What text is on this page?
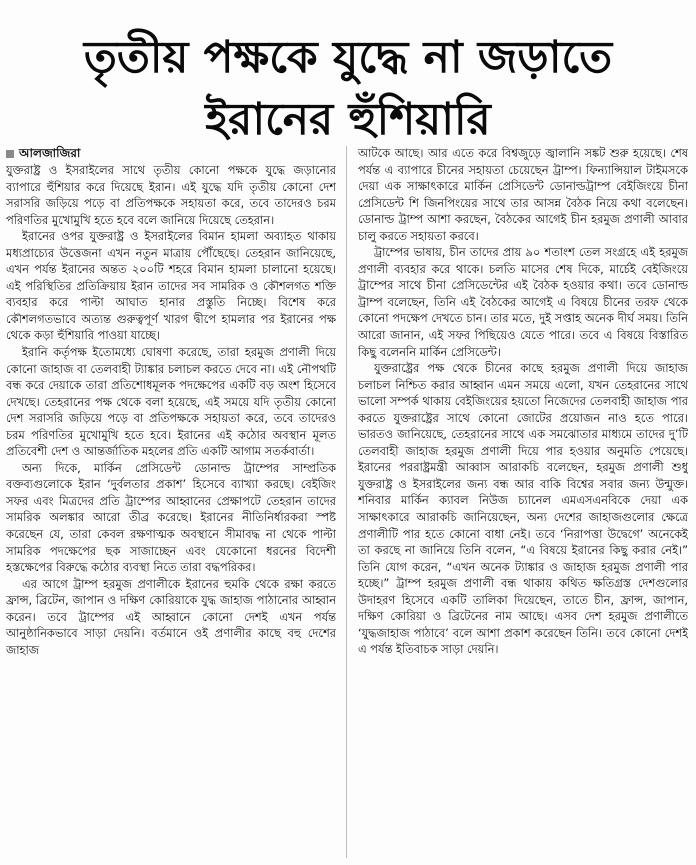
তৃতীয় পক্ষকে যুদ্ধে না জড়াতে
ইরানের হুঁশিয়ারি
আলজাজিরা

যুক্তরাষ্ট্র ও ইসরাইলের সাথে তৃতীয় কোনো পক্ষকে যুদ্ধে জড়ানোর ব্যাপারে হুঁশিয়ার করে দিয়েছে ইরান। এই যুদ্ধে যদি তৃতীয় কোনো দেশ সরাসরি জড়িয়ে পড়ে বা প্রতিপক্ষকে সহায়তা করে, তবে তাদেরও চরম পরিণতির মুখোমুখি হতে হবে বলে জানিয়ে দিয়েছে তেহরান।

ইরানের ওপর যুক্তরাষ্ট্র ও ইসরাইলের বিমান হামলা অব্যাহত থাকায় মধ্যপ্রাচ্যের উত্তেজনা এখন নতুন মাত্রায় পৌঁছেছে। তেহরান জানিয়েছে, এখন পর্যন্ত ইরানের অন্তত ২০০টি শহরে বিমান হামলা চালানো হয়েছে। এই পরিস্থিতির প্রতিক্রিয়ায় ইরান তাদের সব সামরিক ও কৌশলগত শক্তি ব্যবহার করে পাল্টা আঘাত হানার প্রস্তুতি নিচ্ছে। বিশেষ করে কৌশলগতভাবে অত্যন্ত গুরুত্বপূর্ণ খারগ দ্বীপে হামলার পর ইরানের পক্ষ থেকে কড়া হুঁশিয়ারি পাওয়া যাচ্ছে।

ইরানি কর্তৃপক্ষ ইতোমধ্যে ঘোষণা করেছে, তারা হরমুজ প্রণালী দিয়ে কোনো জাহাজ বা তেলবাহী ট্যাঙ্কার চলাচল করতে দেবে না। এই নৌপথটি বন্ধ করে দেয়াকে তারা প্রতিশোধমূলক পদক্ষেপের একটি বড় অংশ হিসেবে দেখছে। তেহরানের পক্ষ থেকে বলা হয়েছে, এই সময়ে যদি তৃতীয় কোনো দেশ সরাসরি জড়িয়ে পড়ে বা প্রতিপক্ষকে সহায়তা করে, তবে তাদেরও চরম পরিণতির মুখোমুখি হতে হবে। ইরানের এই কঠোর অবস্থান মূলত প্রতিবেশী দেশ ও আন্তর্জাতিক মহলের প্রতি একটি আগাম সতর্কবার্তা।

অন্য দিকে, মার্কিন প্রেসিডেন্ট ডোনাল্ড ট্রাম্পের সাম্প্রতিক বক্তব্যগুলোকে ইরান ‘দুর্বলতার প্রকাশ’ হিসেবে ব্যাখ্যা করছে। বেইজিং সফর এবং মিত্রদের প্রতি ট্রাম্পের আহ্বানের প্রেক্ষাপটে তেহরান তাদের সামরিক অলঙ্কার আরো তীব্র করেছে। ইরানের নীতিনির্ধারকরা স্পষ্ট করেছেন যে, তারা কেবল রক্ষণাত্মক অবস্থানে সীমাবদ্ধ না থেকে পাল্টা সামরিক পদক্ষেপের ছক সাজাচ্ছেন এবং যেকোনো ধরনের বিদেশী হস্তক্ষেপের বিরুদ্ধে কঠোর ব্যবস্থা নিতে তারা বদ্ধপরিকর।

এর আগে ট্রাম্প হরমুজ প্রণালীকে ইরানের হুমকি থেকে রক্ষা করতে ফ্রান্স, ব্রিটেন, জাপান ও দক্ষিণ কোরিয়াকে যুদ্ধ জাহাজ পাঠানোর আহ্বান করেন। তবে ট্রাম্পের এই আহ্বানে কোনো দেশই এখন পর্যন্ত আনুষ্ঠানিকভাবে সাড়া দেয়নি। বর্তমানে ওই প্রণালীর কাছে বহু দেশের জাহাজ

আটকে আছে। আর এতে করে বিশ্বজুড়ে জ্বালানি সঙ্কট শুরু হয়েছে। শেষ পর্যন্ত এ ব্যাপারে চীনের সহায়তা চেয়েছেন ট্রাম্প। ফিন্যান্সিয়াল টাইমসকে দেয়া এক সাক্ষাৎকারে মার্কিন প্রেসিডেন্ট ডোনাল্ডট্রাম্প বেইজিংয়ে চীনা প্রেসিডেন্ট শি জিনপিংয়ের সাথে তার আসন্ন বৈঠক নিয়ে কথা বলেছেন। ডোনাল্ড ট্রাম্প আশা করছেন, বৈঠকের আগেই চীন হরমুজ প্রণালী আবার চালু করতে সহায়তা করবে।

ট্রাম্পের ভাষায়, চীন তাদের প্রায় ৯০ শতাংশ তেল সংগ্রহে এই হরমুজ প্রণালী ব্যবহার করে থাকে। চলতি মাসের শেষ দিকে, মার্চেই বেইজিংয়ে ট্রাম্পের সাথে চীনা প্রেসিডেন্টের এই বৈঠক হওয়ার কথা। তবে ডোনাল্ড ট্রাম্প বলেছেন, তিনি এই বৈঠকের আগেই এ বিষয়ে চীনের তরফ থেকে কোনো পদক্ষেপ দেখতে চান। তার মতে, দুই সপ্তাহ অনেক দীর্ঘ সময়। তিনি আরো জানান, এই সফর পিছিয়েও যেতে পারে। তবে এ বিষয়ে বিস্তারিত কিছু বলেননি মার্কিন প্রেসিডেন্ট।

যুক্তরাষ্ট্রের পক্ষ থেকে চীনের কাছে হরমুজ প্রণালী দিয়ে জাহাজ চলাচল নিশ্চিত করার আহ্বান এমন সময়ে এলো, যখন তেহরানের সাথে ভালো সম্পর্ক থাকায় বেইজিংয়ের হয়তো নিজেদের তেলবাহী জাহাজ পার করতে যুক্তরাষ্ট্রের সাথে কোনো জোটের প্রয়োজন নাও হতে পারে। ভারতও জানিয়েছে, তেহরানের সাথে এক সমঝোতার মাধ্যমে তাদের দু’টি তেলবাহী জাহাজ হরমুজ প্রণালী দিয়ে পার হওয়ার অনুমতি পেয়েছে। ইরানের পররাষ্ট্রমন্ত্রী আব্বাস আরাকচি বলেছেন, হরমুজ প্রণালী শুধু যুক্তরাষ্ট্র ও ইসরাইলের জন্য বন্ধ আর বাকি বিশ্বের সবার জন্য উন্মুক্ত। শনিবার মার্কিন ক্যাবল নিউজ চ্যানেল এমএসএনবিকে দেয়া এক সাক্ষাৎকারে আরাকচি জানিয়েছেন, অন্য দেশের জাহাজগুলোর ক্ষেত্রে প্রণালীটি পার হতে কোনো বাধা নেই। তবে ‘নিরাপত্তা উদ্বেগে’ অনেকেই তা করছে না জানিয়ে তিনি বলেন, “এ বিষয়ে ইরানের কিছু করার নেই।” তিনি যোগ করেন, “এখন অনেক ট্যাঙ্কার ও জাহাজ হরমুজ প্রণালী পার হচ্ছে।” ট্রাম্প হরমুজ প্রণালী বন্ধ থাকায় কথিত ক্ষতিগ্রস্ত দেশগুলোর উদাহরণ হিসেবে একটি তালিকা দিয়েছেন, তাতে চীন, ফ্রান্স, জাপান, দক্ষিণ কোরিয়া ও ব্রিটেনের নাম আছে। এসব দেশ হরমুজ প্রণালীতে ‘যুদ্ধজাহাজ পাঠাবে’ বলে আশা প্রকাশ করেছেন তিনি। তবে কোনো দেশই এ পর্যন্ত ইতিবাচক সাড়া দেয়নি।
